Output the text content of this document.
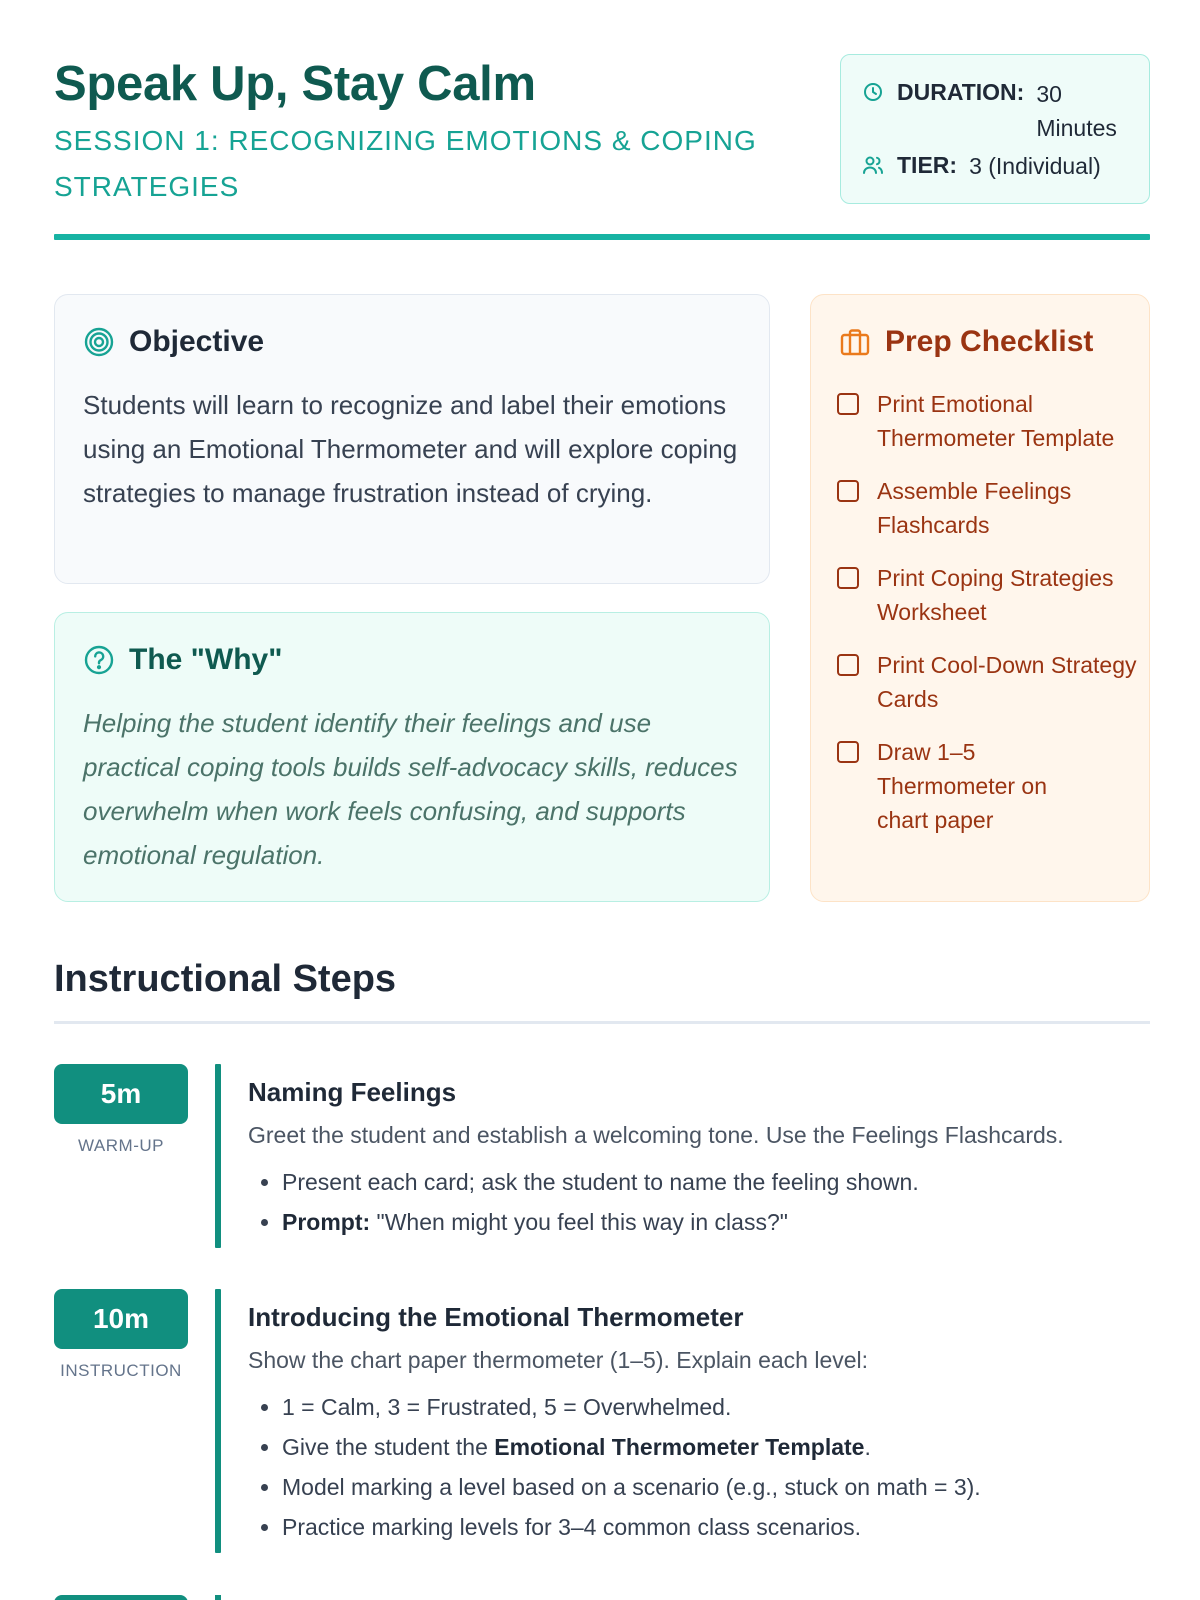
Speak Up, Stay Calm
SESSION 1: RECOGNIZING EMOTIONS & COPING STRATEGIES
DURATION: 30 Minutes
TIER: 3 (Individual)
Objective

Students will learn to recognize and label their emotions using an Emotional Thermometer and will explore coping strategies to manage frustration instead of crying.

The "Why"

Helping the student identify their feelings and use practical coping tools builds self-advocacy skills, reduces overwhelm when work feels confusing, and supports emotional regulation.

Prep Checklist
Print Emotional Thermometer Template
Assemble Feelings Flashcards
Print Coping Strategies Worksheet
Print Cool-Down Strategy Cards
Draw 1–5 Thermometer on chart paper
Instructional Steps
5m
WARM-UP
Naming Feelings
Greet the student and establish a welcoming tone. Use the Feelings Flashcards.
• Present each card; ask the student to name the feeling shown.
• Prompt: "When might you feel this way in class?"
10m
INSTRUCTION
Introducing the Emotional Thermometer
Show the chart paper thermometer (1–5). Explain each level:
• 1 = Calm, 3 = Frustrated, 5 = Overwhelmed.
• Give the student the Emotional Thermometer Template.
• Model marking a level based on a scenario (e.g., stuck on math = 3).
• Practice marking levels for 3–4 common class scenarios.
